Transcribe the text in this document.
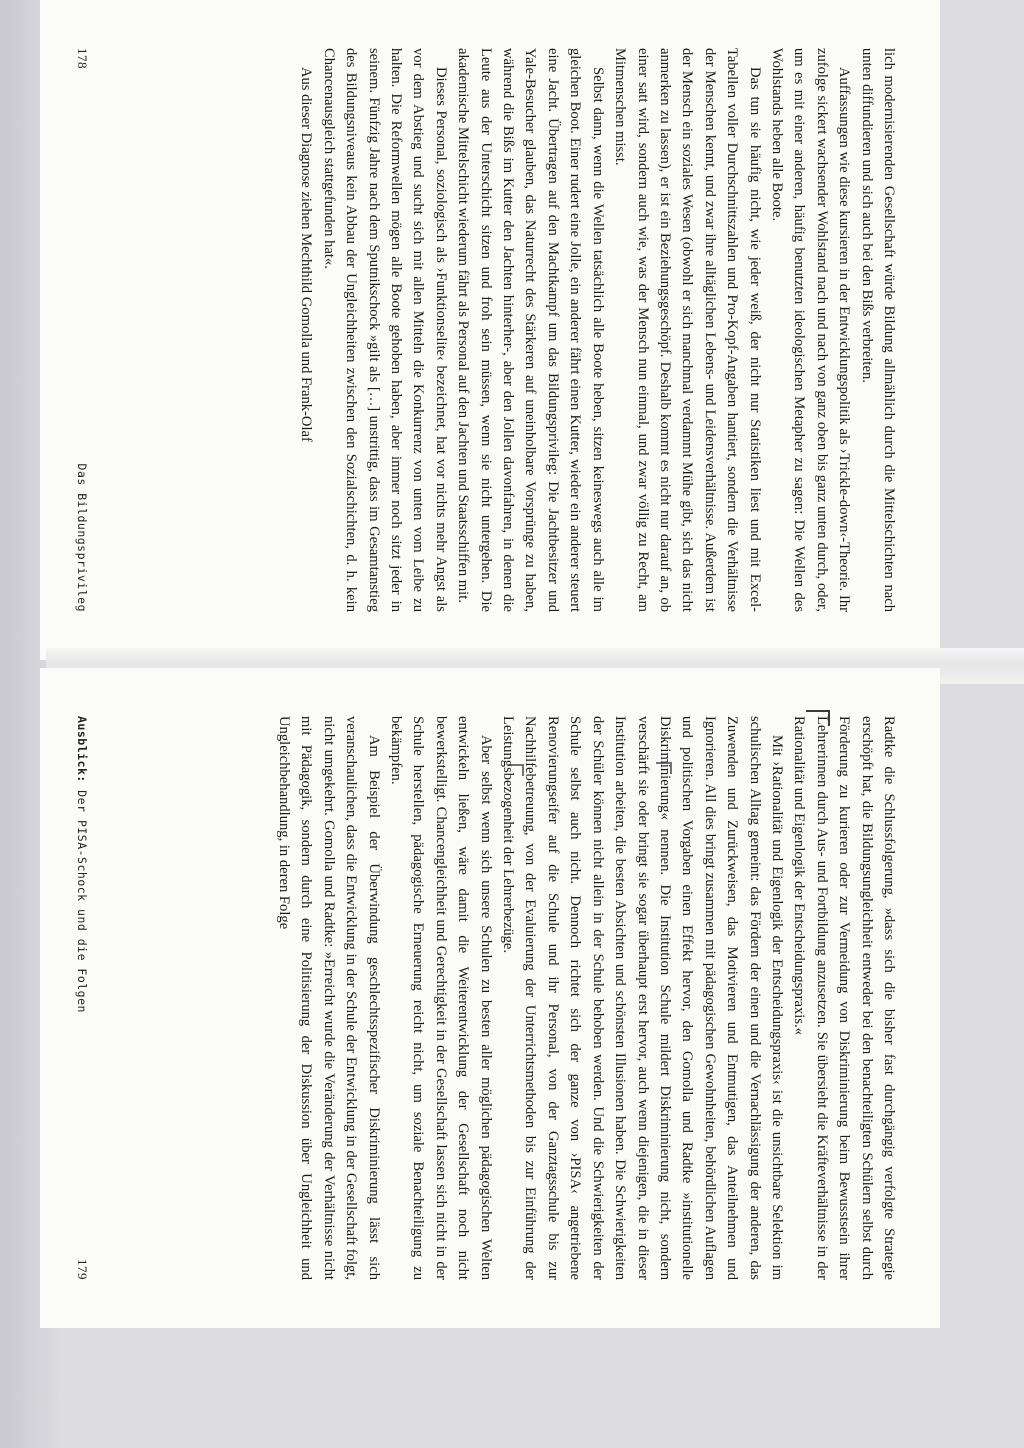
lich modernisierenden Gesellschaft würde Bildung allmählich durch die Mittelschichten nach unten diffundieren und sich auch bei den Bißs verbreiten.

Auffassungen wie diese kursieren in der Entwicklungspolitik als ›Trickle-down‹-Theorie. Ihr zufolge sickert wachsender Wohlstand nach und nach von ganz oben bis ganz unten durch, oder, um es mit einer anderen, häufig benutzten ideologischen Metapher zu sagen: Die Wellen des Wohlstands heben alle Boote.

Das tun sie häufig nicht, wie jeder weiß, der nicht nur Statistiken liest und mit Excel-Tabellen voller Durchschnittszahlen und Pro-Kopf-Angaben hantiert, sondern die Verhältnisse der Menschen kennt, und zwar ihre alltäglichen Lebens- und Leidensverhältnisse. Außerdem ist der Mensch ein soziales Wesen (obwohl er sich manchmal verdammt Mühe gibt, sich das nicht anmerken zu lassen), er ist ein Beziehungsgeschöpf. Deshalb kommt es nicht nur darauf an, ob einer satt wird, sondern auch wie, was der Mensch nun einmal, und zwar völlig zu Recht, am Mitmenschen misst.

Selbst dann, wenn die Wellen tatsächlich alle Boote heben, sitzen keineswegs auch alle im gleichen Boot. Einer rudert eine Jolle, ein anderer fährt einen Kutter, wieder ein anderer steuert eine Jacht. Übertragen auf den Machtkampf um das Bildungsprivileg: Die Jachtbesitzer und Yale-Besucher glauben, das Naturrecht des Stärkeren auf uneinholbare Vorsprünge zu haben, während die Bißs im Kutter den Jachten hinterher-, aber den Jollen davonfahren, in denen die Leute aus der Unterschicht sitzen und froh sein müssen, wenn sie nicht untergehen. Die akademische Mittelschicht wiederum fährt als Personal auf den Jachten und Staatsschiffen mit.

Dieses Personal, soziologisch als ›Funktionselite‹ bezeichnet, hat vor nichts mehr Angst als vor dem Abstieg und sucht sich mit allen Mitteln die Konkurrenz von unten vom Leibe zu halten. Die Reformwellen mögen alle Boote gehoben haben, aber immer noch sitzt jeder in seinem. Fünfzig Jahre nach dem Sputnikschock »gilt als […] unstrittig, dass im Gesamtanstieg des Bildungsniveaus kein Abbau der Ungleichheiten zwischen den Sozialschichten, d. h. kein Chancenausgleich stattgefunden hat«.

Aus dieser Diagnose ziehen Mechthild Gomolla und Frank-Olaf

178
Das Bildungsprivileg

Radtke die Schlussfolgerung, »dass sich die bisher fast durchgängig verfolgte Strategie erschöpft hat, die Bildungsungleichheit entweder bei den benachteiligten Schülern selbst durch Förderung zu kurieren oder zur Vermeidung von Diskriminierung beim Bewusstsein ihrer Lehrerinnen durch Aus- und Fortbildung anzusetzen. Sie übersieht die Kräfteverhältnisse in der Rationalität und Eigenlogik der Entscheidungspraxis.«

Mit ›Rationalität und Eigenlogik der Entscheidungspraxis‹ ist die unsichtbare Selektion im schulischen Alltag gemeint: das Fördern der einen und die Vernachlässigung der anderen, das Zuwenden und Zurückweisen, das Motivieren und Entmutigen, das Anteilnehmen und Ignorieren. All dies bringt zusammen mit pädagogischen Gewohnheiten, behördlichen Auflagen und politischen Vorgaben einen Effekt hervor, den Gomolla und Radtke »institutionelle Diskriminierung« nennen. Die Institution Schule mildert Diskriminierung nicht, sondern verschärft sie oder bringt sie sogar überhaupt erst hervor, auch wenn diejenigen, die in dieser Institution arbeiten, die besten Absichten und schönsten Illusionen haben. Die Schwierigkeiten der Schüler können nicht allein in der Schule behoben werden. Und die Schwierigkeiten der Schule selbst auch nicht. Dennoch richtet sich der ganze von ›PISA‹ angetriebene Renovierungseifer auf die Schule und ihr Personal, von der Ganztagsschule bis zur Nachhilfebetreuung, von der Evaluierung der Unterrichtsmethoden bis zur Einführung der Leistungsbezogenheit der Lehrerbezüge.

Aber selbst wenn sich unsere Schulen zu besten aller möglichen pädagogischen Welten entwickeln ließen, wäre damit die Weiterentwicklung der Gesellschaft noch nicht bewerkstelligt. Chancengleichheit und Gerechtigkeit in der Gesellschaft lassen sich nicht in der Schule herstellen, pädagogische Erneuerung reicht nicht, um soziale Benachteiligung zu bekämpfen.

Am Beispiel der Überwindung geschlechtsspezifischer Diskriminierung lässt sich veranschaulichen, dass die Entwicklung in der Schule der Entwicklung in der Gesellschaft folgt, nicht umgekehrt. Gomolla und Radtke: »Erreicht wurde die Veränderung der Verhältnisse nicht mit Pädagogik, sondern durch eine Politisierung der Diskussion über Ungleichheit und Ungleichbehandlung, in deren Folge

Ausblick: Der PISA-Schock und die Folgen
179
